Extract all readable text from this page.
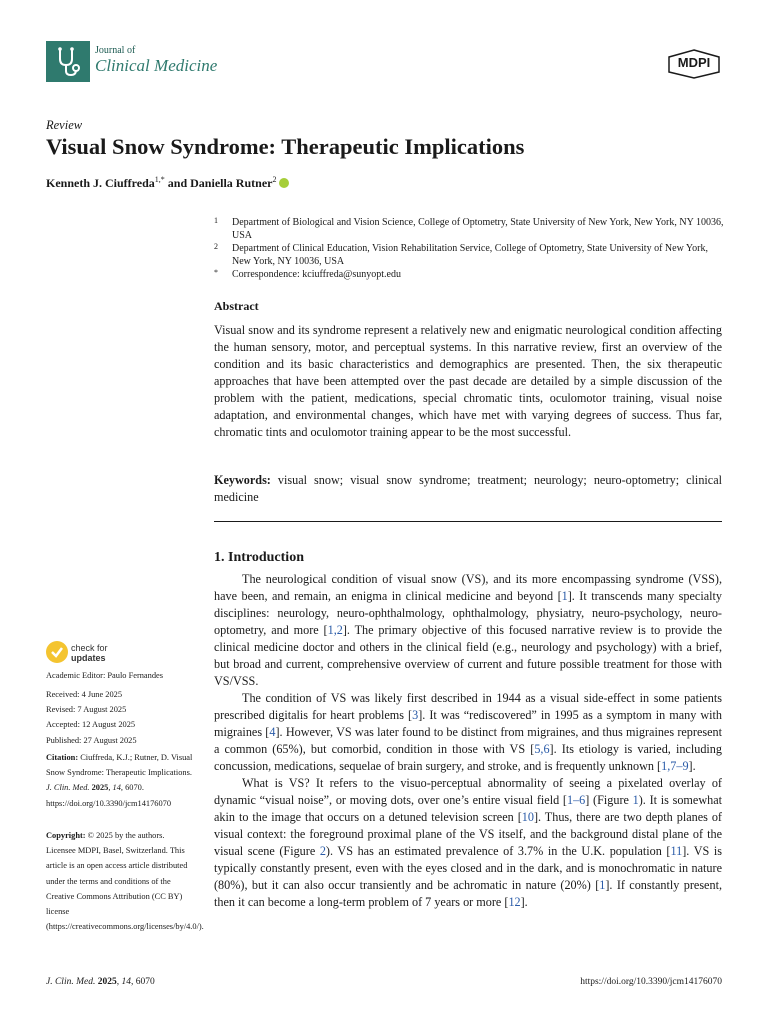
Journal of
Clinical Medicine	MDPI
Review
Visual Snow Syndrome: Therapeutic Implications
Kenneth J. Ciuffreda$^{1,*}$ and Daniella Rutner$^2$
1 Department of Biological and Vision Science, College of Optometry, State University of New York, New York, NY 10036, USA
2 Department of Clinical Education, Vision Rehabilitation Service, College of Optometry, State University of New York, New York, NY 10036, USA
* Correspondence: kciuffreda@sunyopt.edu
Abstract
Visual snow and its syndrome represent a relatively new and enigmatic neurological condition affecting the human sensory, motor, and perceptual systems. In this narrative review, first an overview of the condition and its basic characteristics and demographics are presented. Then, the six therapeutic approaches that have been attempted over the past decade are detailed by a simple discussion of the problem with the patient, medications, special chromatic tints, oculomotor training, visual noise adaptation, and environmental changes, which have met with varying degrees of success. Thus far, chromatic tints and oculomotor training appear to be the most successful.
Keywords: visual snow; visual snow syndrome; treatment; neurology; neuro-optometry; clinical medicine
1. Introduction

The neurological condition of visual snow (VS), and its more encompassing syndrome (VSS), have been, and remain, an enigma in clinical medicine and beyond [1]. It transcends many specialty disciplines: neurology, neuro-ophthalmology, ophthalmology, physiatry, neuro-psychology, neuro-optometry, and more [1,2]. The primary objective of this focused narrative review is to provide the clinical medicine doctor and others in the clinical field (e.g., neurology and psychology) with a brief, but broad and current, comprehensive overview of current and future possible treatment for those with VS/VSS.

The condition of VS was likely first described in 1944 as a visual side-effect in some patients prescribed digitalis for heart problems [3]. It was “rediscovered” in 1995 as a symptom in many with migraines [4]. However, VS was later found to be distinct from migraines, and thus migraines represent a common (65%), but comorbid, condition in those with VS [5,6]. Its etiology is varied, including concussion, medications, sequelae of brain surgery, and stroke, and is frequently unknown [1,7–9].

What is VS? It refers to the visuo-perceptual abnormality of seeing a pixelated overlay of dynamic “visual noise”, or moving dots, over one’s entire visual field [1–6] (Figure 1). It is somewhat akin to the image that occurs on a detuned television screen [10]. Thus, there are two depth planes of visual context: the foreground proximal plane of the VS itself, and the background distal plane of the visual scene (Figure 2). VS has an estimated prevalence of 3.7% in the U.K. population [11]. VS is typically constantly present, even with the eyes closed and in the dark, and is monochromatic in nature (80%), but it can also occur transiently and be achromatic in nature (20%) [1]. If constantly present, then it can become a long-term problem of 7 years or more [12].

check for
updates
Academic Editor: Paulo Fernandes
Received: 4 June 2025
Revised: 7 August 2025
Accepted: 12 August 2025
Published: 27 August 2025
Citation: Ciuffreda, K.J.; Rutner, D. Visual Snow Syndrome: Therapeutic Implications. J. Clin. Med. 2025, 14, 6070. https://doi.org/10.3390/jcm14176070
Copyright: © 2025 by the authors. Licensee MDPI, Basel, Switzerland. This article is an open access article distributed under the terms and conditions of the Creative Commons Attribution (CC BY) license (https://creativecommons.org/licenses/by/4.0/).
J. Clin. Med. 2025, 14, 6070	https://doi.org/10.3390/jcm14176070
